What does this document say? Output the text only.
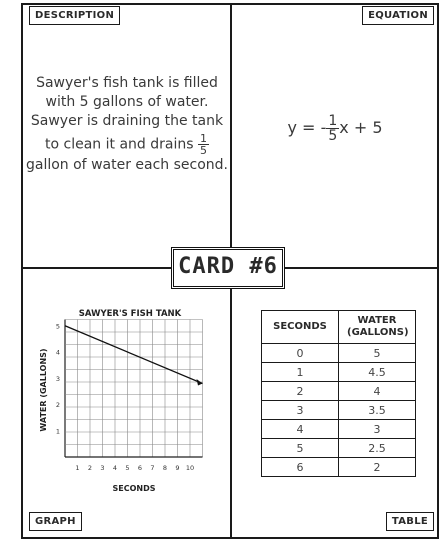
DESCRIPTION	EQUATION
GRAPH	TABLE
Sawyer's fish tank is filled
with 5 gallons of water.
Sawyer is draining the tank
to clean it and drains $\frac{1}{5}$
gallon of water each second.
y = - $\frac{1}{5}$ x + 5
CARD #6
SAWYER'S FISH TANK
WATER (GALLONS)
SECONDS
1 2 3 4 5 6 7 8 9 10
1
2
3
4
5	SECONDS	WATER (GALLONS)
0	5
1	4.5
2	4
3	3.5
4	3
5	2.5
6	2
